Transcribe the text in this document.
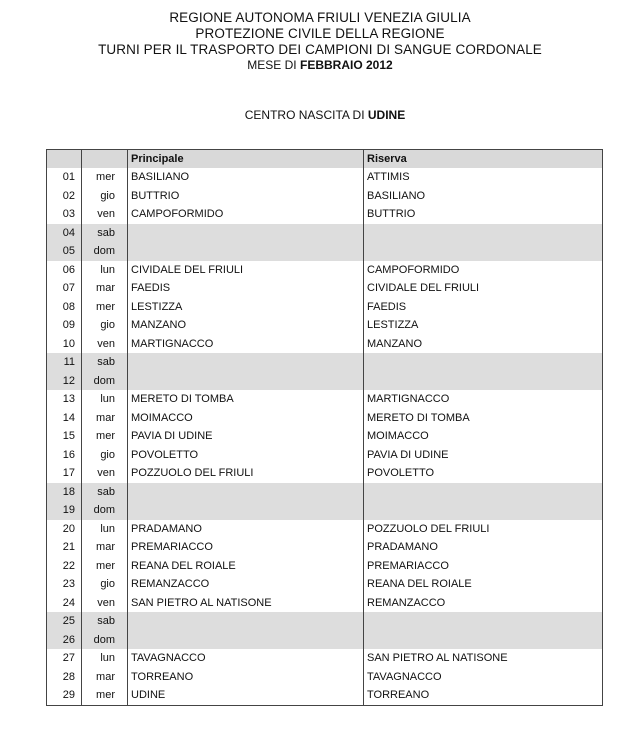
REGIONE AUTONOMA FRIULI VENEZIA GIULIA
PROTEZIONE CIVILE DELLA REGIONE
TURNI PER IL TRASPORTO DEI CAMPIONI DI SANGUE CORDONALE
MESE DI FEBBRAIO 2012
CENTRO NASCITA DI UDINE
		Principale	Riserva
01	mer	BASILIANO	ATTIMIS
02	gio	BUTTRIO	BASILIANO
03	ven	CAMPOFORMIDO	BUTTRIO
04	sab		
05	dom		
06	lun	CIVIDALE DEL FRIULI	CAMPOFORMIDO
07	mar	FAEDIS	CIVIDALE DEL FRIULI
08	mer	LESTIZZA	FAEDIS
09	gio	MANZANO	LESTIZZA
10	ven	MARTIGNACCO	MANZANO
11	sab		
12	dom		
13	lun	MERETO DI TOMBA	MARTIGNACCO
14	mar	MOIMACCO	MERETO DI TOMBA
15	mer	PAVIA DI UDINE	MOIMACCO
16	gio	POVOLETTO	PAVIA DI UDINE
17	ven	POZZUOLO DEL FRIULI	POVOLETTO
18	sab		
19	dom		
20	lun	PRADAMANO	POZZUOLO DEL FRIULI
21	mar	PREMARIACCO	PRADAMANO
22	mer	REANA DEL ROIALE	PREMARIACCO
23	gio	REMANZACCO	REANA DEL ROIALE
24	ven	SAN PIETRO AL NATISONE	REMANZACCO
25	sab		
26	dom		
27	lun	TAVAGNACCO	SAN PIETRO AL NATISONE
28	mar	TORREANO	TAVAGNACCO
29	mer	UDINE	TORREANO
